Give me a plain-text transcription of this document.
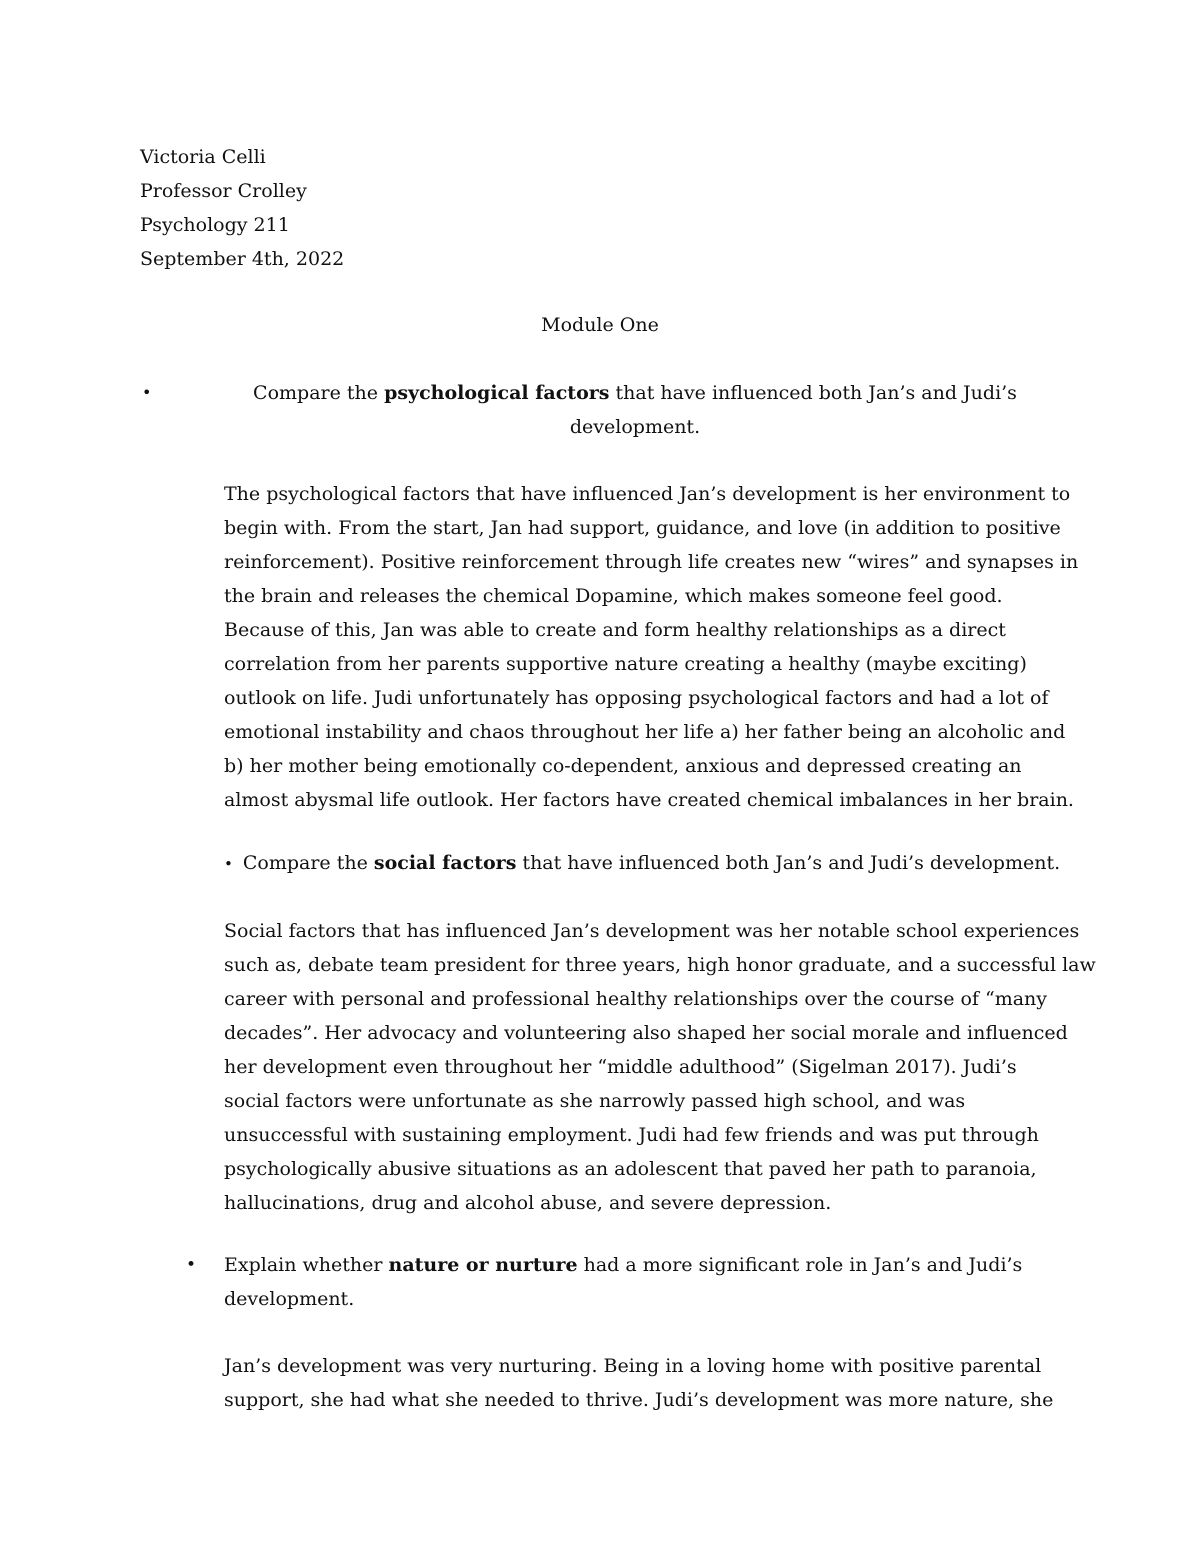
Victoria Celli
Professor Crolley
Psychology 211
September 4th, 2022
Module One
•	Compare the psychological factors that have influenced both Jan’s and Judi’s
development.
The psychological factors that have influenced Jan’s development is her environment to
begin with. From the start, Jan had support, guidance, and love (in addition to positive
reinforcement). Positive reinforcement through life creates new “wires” and synapses in
the brain and releases the chemical Dopamine, which makes someone feel good.
Because of this, Jan was able to create and form healthy relationships as a direct
correlation from her parents supportive nature creating a healthy (maybe exciting)
outlook on life. Judi unfortunately has opposing psychological factors and had a lot of
emotional instability and chaos throughout her life a) her father being an alcoholic and
b) her mother being emotionally co-dependent, anxious and depressed creating an
almost abysmal life outlook. Her factors have created chemical imbalances in her brain.
• Compare the social factors that have influenced both Jan’s and Judi’s development.
Social factors that has influenced Jan’s development was her notable school experiences
such as, debate team president for three years, high honor graduate, and a successful law
career with personal and professional healthy relationships over the course of “many
decades”. Her advocacy and volunteering also shaped her social morale and influenced
her development even throughout her “middle adulthood” (Sigelman 2017). Judi’s
social factors were unfortunate as she narrowly passed high school, and was
unsuccessful with sustaining employment. Judi had few friends and was put through
psychologically abusive situations as an adolescent that paved her path to paranoia,
hallucinations, drug and alcohol abuse, and severe depression.
• Explain whether nature or nurture had a more significant role in Jan’s and Judi’s
development.
Jan’s development was very nurturing. Being in a loving home with positive parental
support, she had what she needed to thrive. Judi’s development was more nature, she
